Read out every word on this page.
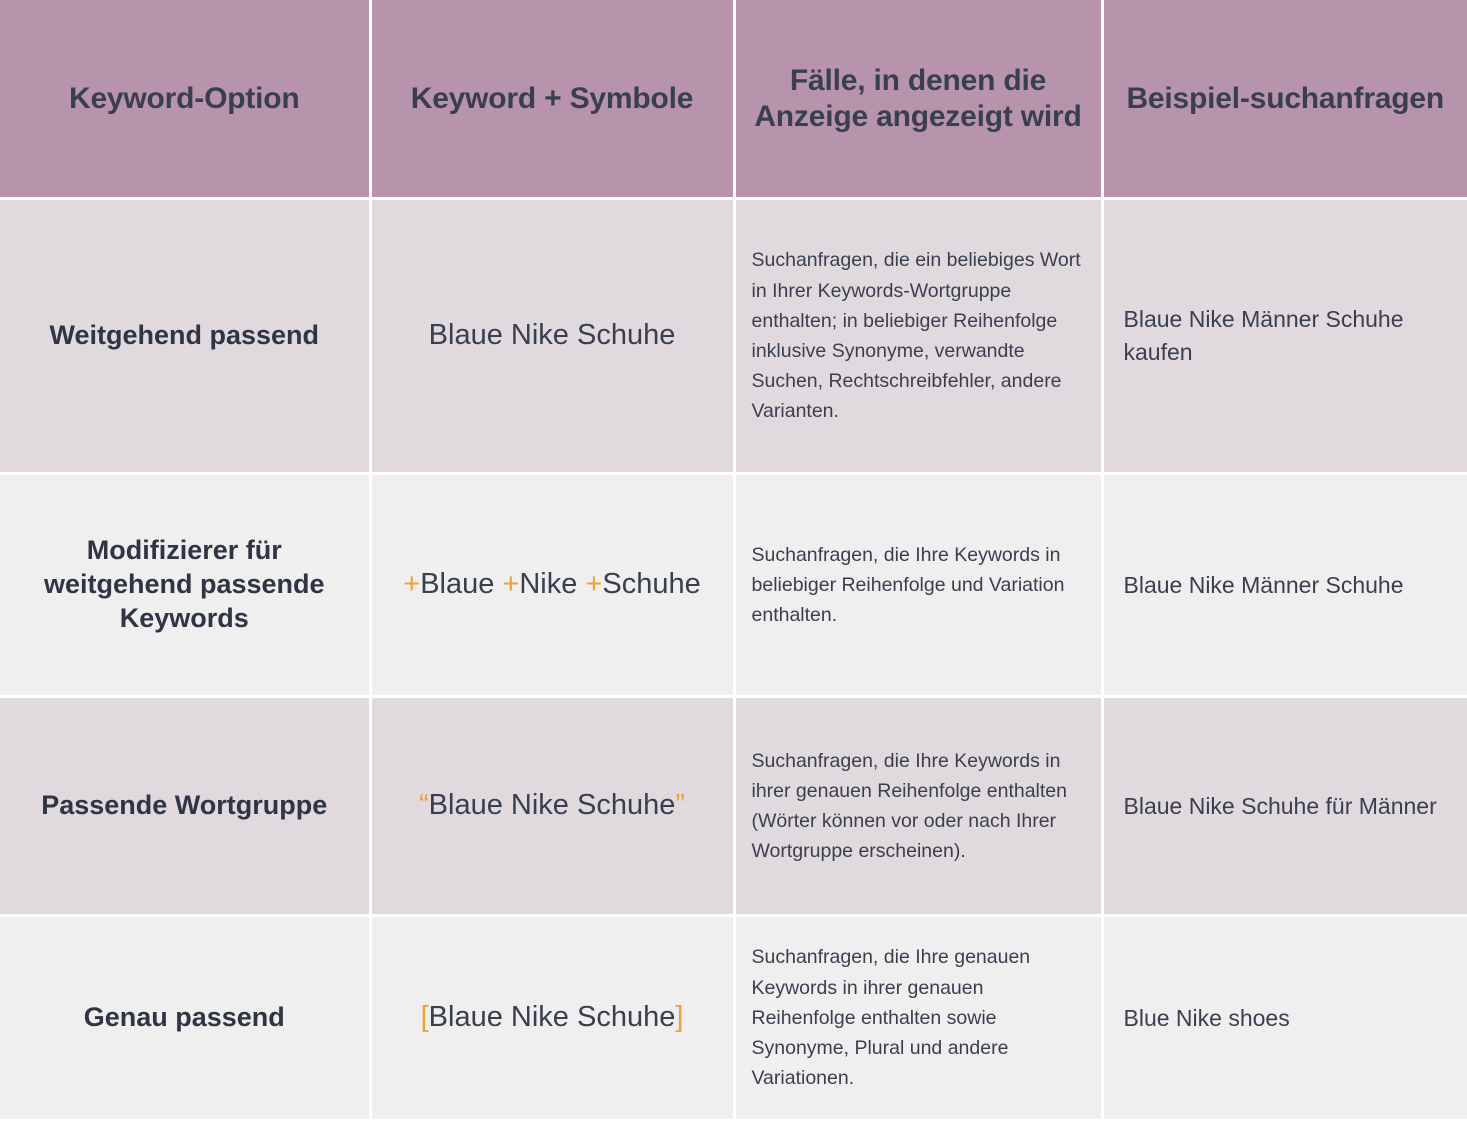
Keyword-Option	Keyword + Symbole	Fälle, in denen die Anzeige angezeigt wird	Beispiel-suchanfragen
Weitgehend passend	Blaue Nike Schuhe	Suchanfragen, die ein beliebiges Wort in Ihrer Keywords-Wortgruppe enthalten; in beliebiger Reihenfolge inklusive Synonyme, verwandte Suchen, Rechtschreibfehler, andere Varianten.	Blaue Nike Männer Schuhe kaufen
Modifizierer für weitgehend passende Keywords	+Blaue +Nike +Schuhe	Suchanfragen, die Ihre Keywords in beliebiger Reihenfolge und Variation enthalten.	Blaue Nike Männer Schuhe
Passende Wortgruppe	“Blaue Nike Schuhe”	Suchanfragen, die Ihre Keywords in ihrer genauen Reihenfolge enthalten (Wörter können vor oder nach Ihrer Wortgruppe erscheinen).	Blaue Nike Schuhe für Männer
Genau passend	[Blaue Nike Schuhe]	Suchanfragen, die Ihre genauen Keywords in ihrer genauen Reihenfolge enthalten sowie Synonyme, Plural und andere Variationen.	Blue Nike shoes
